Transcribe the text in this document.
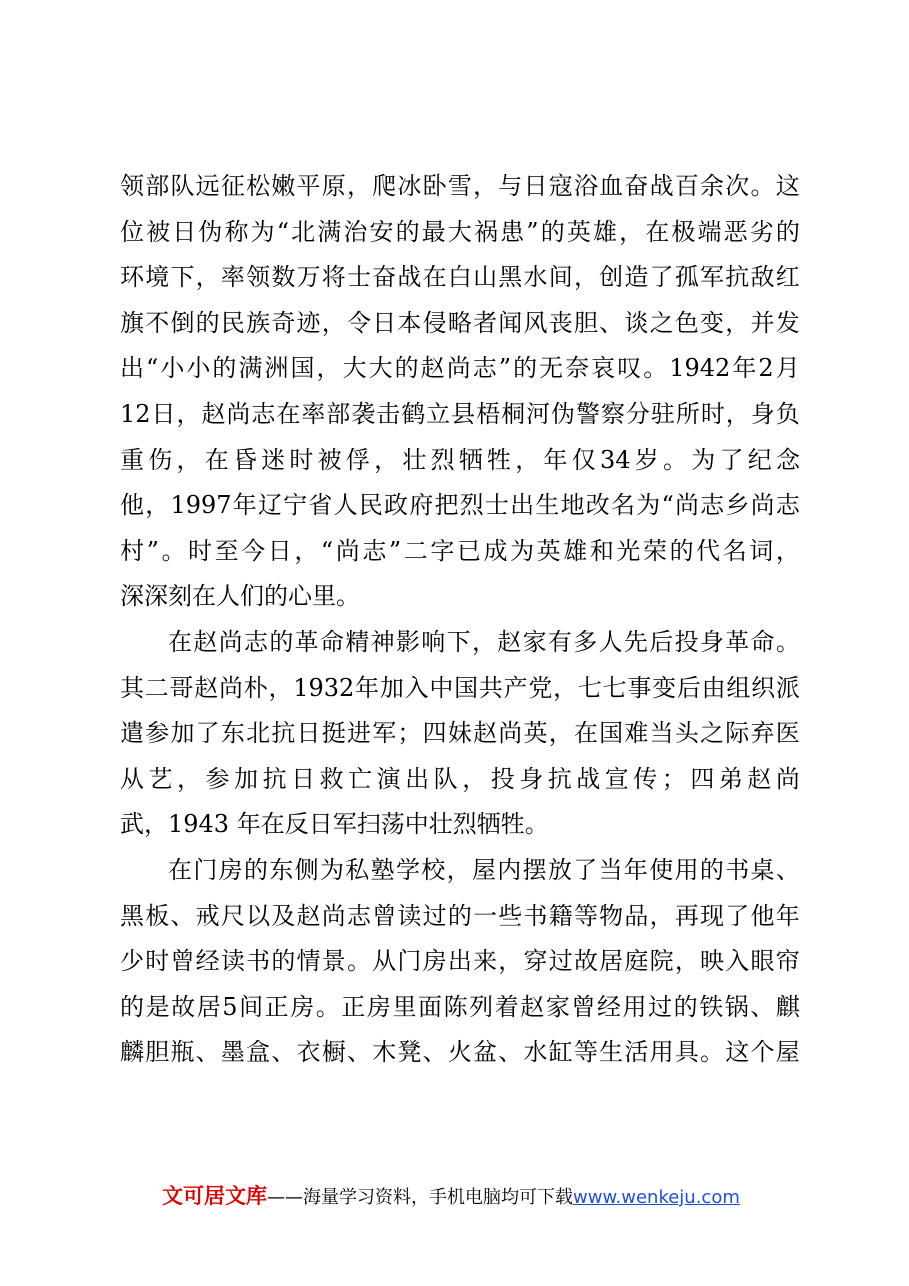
领 部 队 远 征 松 嫩 平 原 ， 爬 冰 卧 雪 ， 与 日 寇 浴 血 奋 战 百 余 次 。 这
位 被 日 伪 称 为 “ 北 满 治 安 的 最 大 祸 患 ” 的 英 雄 ， 在 极 端 恶 劣 的
环 境 下 ， 率 领 数 万 将 士 奋 战 在 白 山 黑 水 间 ， 创 造 了 孤 军 抗 敌 红
旗 不 倒 的 民 族 奇 迹 ， 令 日 本 侵 略 者 闻 风 丧 胆 、 谈 之 色 变 ， 并 发
出 “ 小 小 的 满 洲 国 ， 大 大 的 赵 尚 志 ” 的 无 奈 哀 叹 。 1942 年 2 月
12 日 ， 赵 尚 志 在 率 部 袭 击 鹤 立 县 梧 桐 河 伪 警 察 分 驻 所 时 ， 身 负
重 伤 ， 在 昏 迷 时 被 俘 ， 壮 烈 牺 牲 ， 年 仅 34 岁 。 为 了 纪 念
他 ， 1997 年 辽 宁 省 人 民 政 府 把 烈 士 出 生 地 改 名 为 “ 尚 志 乡 尚 志
村 ” 。 时 至 今 日 ， “ 尚 志 ” 二 字 已 成 为 英 雄 和 光 荣 的 代 名 词 ，
深深刻在人们的心里。
在 赵 尚 志 的 革 命 精 神 影 响 下 ， 赵 家 有 多 人 先 后 投 身 革 命 。
其 二 哥 赵 尚 朴 ， 1932 年 加 入 中 国 共 产 党 ， 七 七 事 变 后 由 组 织 派
遣 参 加 了 东 北 抗 日 挺 进 军 ； 四 妹 赵 尚 英 ， 在 国 难 当 头 之 际 弃 医
从 艺 ， 参 加 抗 日 救 亡 演 出 队 ， 投 身 抗 战 宣 传 ； 四 弟 赵 尚
武，1943 年在反日军扫荡中壮烈牺牲。
在 门 房 的 东 侧 为 私 塾 学 校 ， 屋 内 摆 放 了 当 年 使 用 的 书 桌 、
黑 板 、 戒 尺 以 及 赵 尚 志 曾 读 过 的 一 些 书 籍 等 物 品 ， 再 现 了 他 年
少 时 曾 经 读 书 的 情 景 。 从 门 房 出 来 ， 穿 过 故 居 庭 院 ， 映 入 眼 帘
的 是 故 居 5 间 正 房 。 正 房 里 面 陈 列 着 赵 家 曾 经 用 过 的 铁 锅 、 麒
麟 胆 瓶 、 墨 盒 、 衣 橱 、 木 凳 、 火 盆 、 水 缸 等 生 活 用 具 。 这 个 屋
文可居文库——海量学习资料，手机电脑均可下载www.wenkeju.com
